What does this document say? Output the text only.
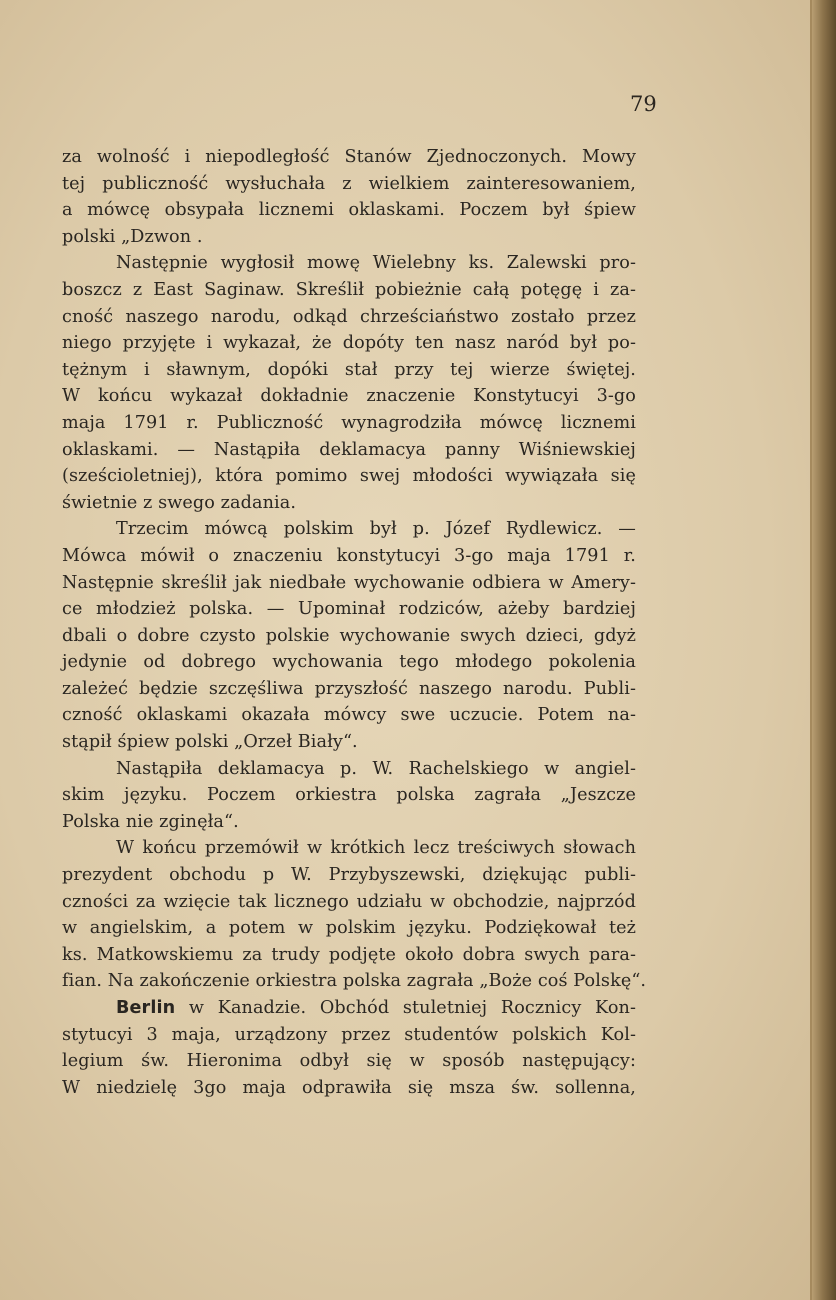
79
za wolność i niepodległość Stanów Zjednoczonych. Mowy
tej publiczność wysłuchała z wielkiem zainteresowaniem,
a mówcę obsypała licznemi oklaskami. Poczem był śpiew
polski „Dzwon .
Następnie wygłosił mowę Wielebny ks. Zalewski pro-
boszcz z East Saginaw. Skreślił pobieżnie całą potęgę i za-
cność naszego narodu, odkąd chrześciaństwo zostało przez
niego przyjęte i wykazał, że dopóty ten nasz naród był po-
tężnym i sławnym, dopóki stał przy tej wierze świętej.
W końcu wykazał dokładnie znaczenie Konstytucyi 3-go
maja 1791 r. Publiczność wynagrodziła mówcę licznemi
oklaskami. — Nastąpiła deklamacya panny Wiśniewskiej
(sześcioletniej), która pomimo swej młodości wywiązała się
świetnie z swego zadania.
Trzecim mówcą polskim był p. Józef Rydlewicz. —
Mówca mówił o znaczeniu konstytucyi 3-go maja 1791 r.
Następnie skreślił jak niedbałe wychowanie odbiera w Amery-
ce młodzież polska. — Upominał rodziców, ażeby bardziej
dbali o dobre czysto polskie wychowanie swych dzieci, gdyż
jedynie od dobrego wychowania tego młodego pokolenia
zależeć będzie szczęśliwa przyszłość naszego narodu. Publi-
czność oklaskami okazała mówcy swe uczucie. Potem na-
stąpił śpiew polski „Orzeł Biały“.
Nastąpiła deklamacya p. W. Rachelskiego w angiel-
skim języku. Poczem orkiestra polska zagrała „Jeszcze
Polska nie zginęła“.
W końcu przemówił w krótkich lecz treściwych słowach
prezydent obchodu p W. Przybyszewski, dziękując publi-
czności za wzięcie tak licznego udziału w obchodzie, najprzód
w angielskim, a potem w polskim języku. Podziękował też
ks. Matkowskiemu za trudy podjęte około dobra swych para-
fian. Na zakończenie orkiestra polska zagrała „Boże coś Polskę“.
Berlin w Kanadzie. Obchód stuletniej Rocznicy Kon-
stytucyi 3 maja, urządzony przez studentów polskich Kol-
legium św. Hieronima odbył się w sposób następujący:
W niedzielę 3go maja odprawiła się msza św. sollenna,
